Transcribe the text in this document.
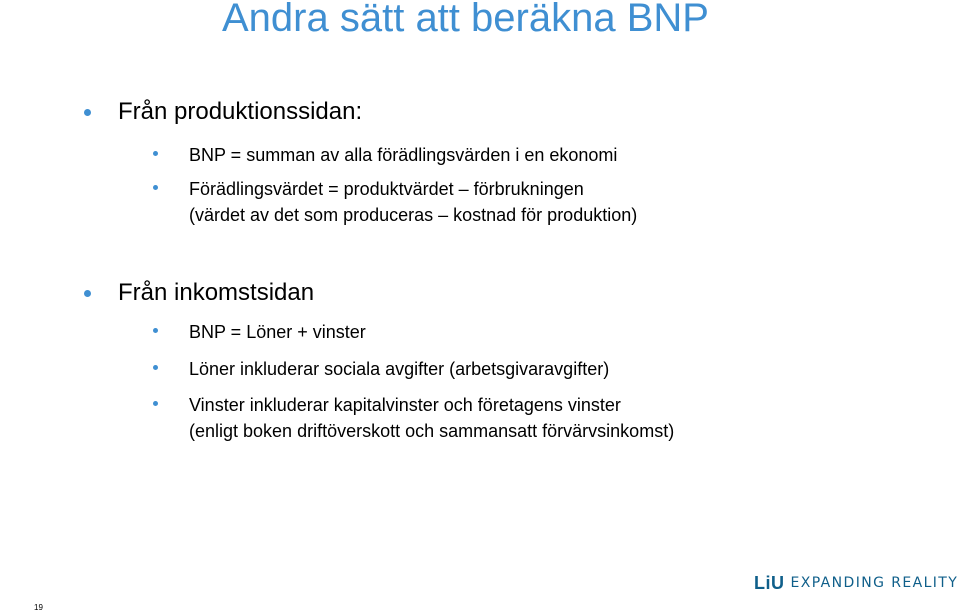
Andra sätt att beräkna BNP
Från produktionssidan:
BNP = summan av alla förädlingsvärden i en ekonomi
Förädlingsvärdet = produktvärdet – förbrukningen
(värdet av det som produceras – kostnad för produktion)
Från inkomstsidan
BNP = Löner + vinster
Löner inkluderar sociala avgifter (arbetsgivaravgifter)
Vinster inkluderar kapitalvinster och företagens vinster
(enligt boken driftöverskott och sammansatt förvärvsinkomst)
LiU EXPANDING REALITY
19
